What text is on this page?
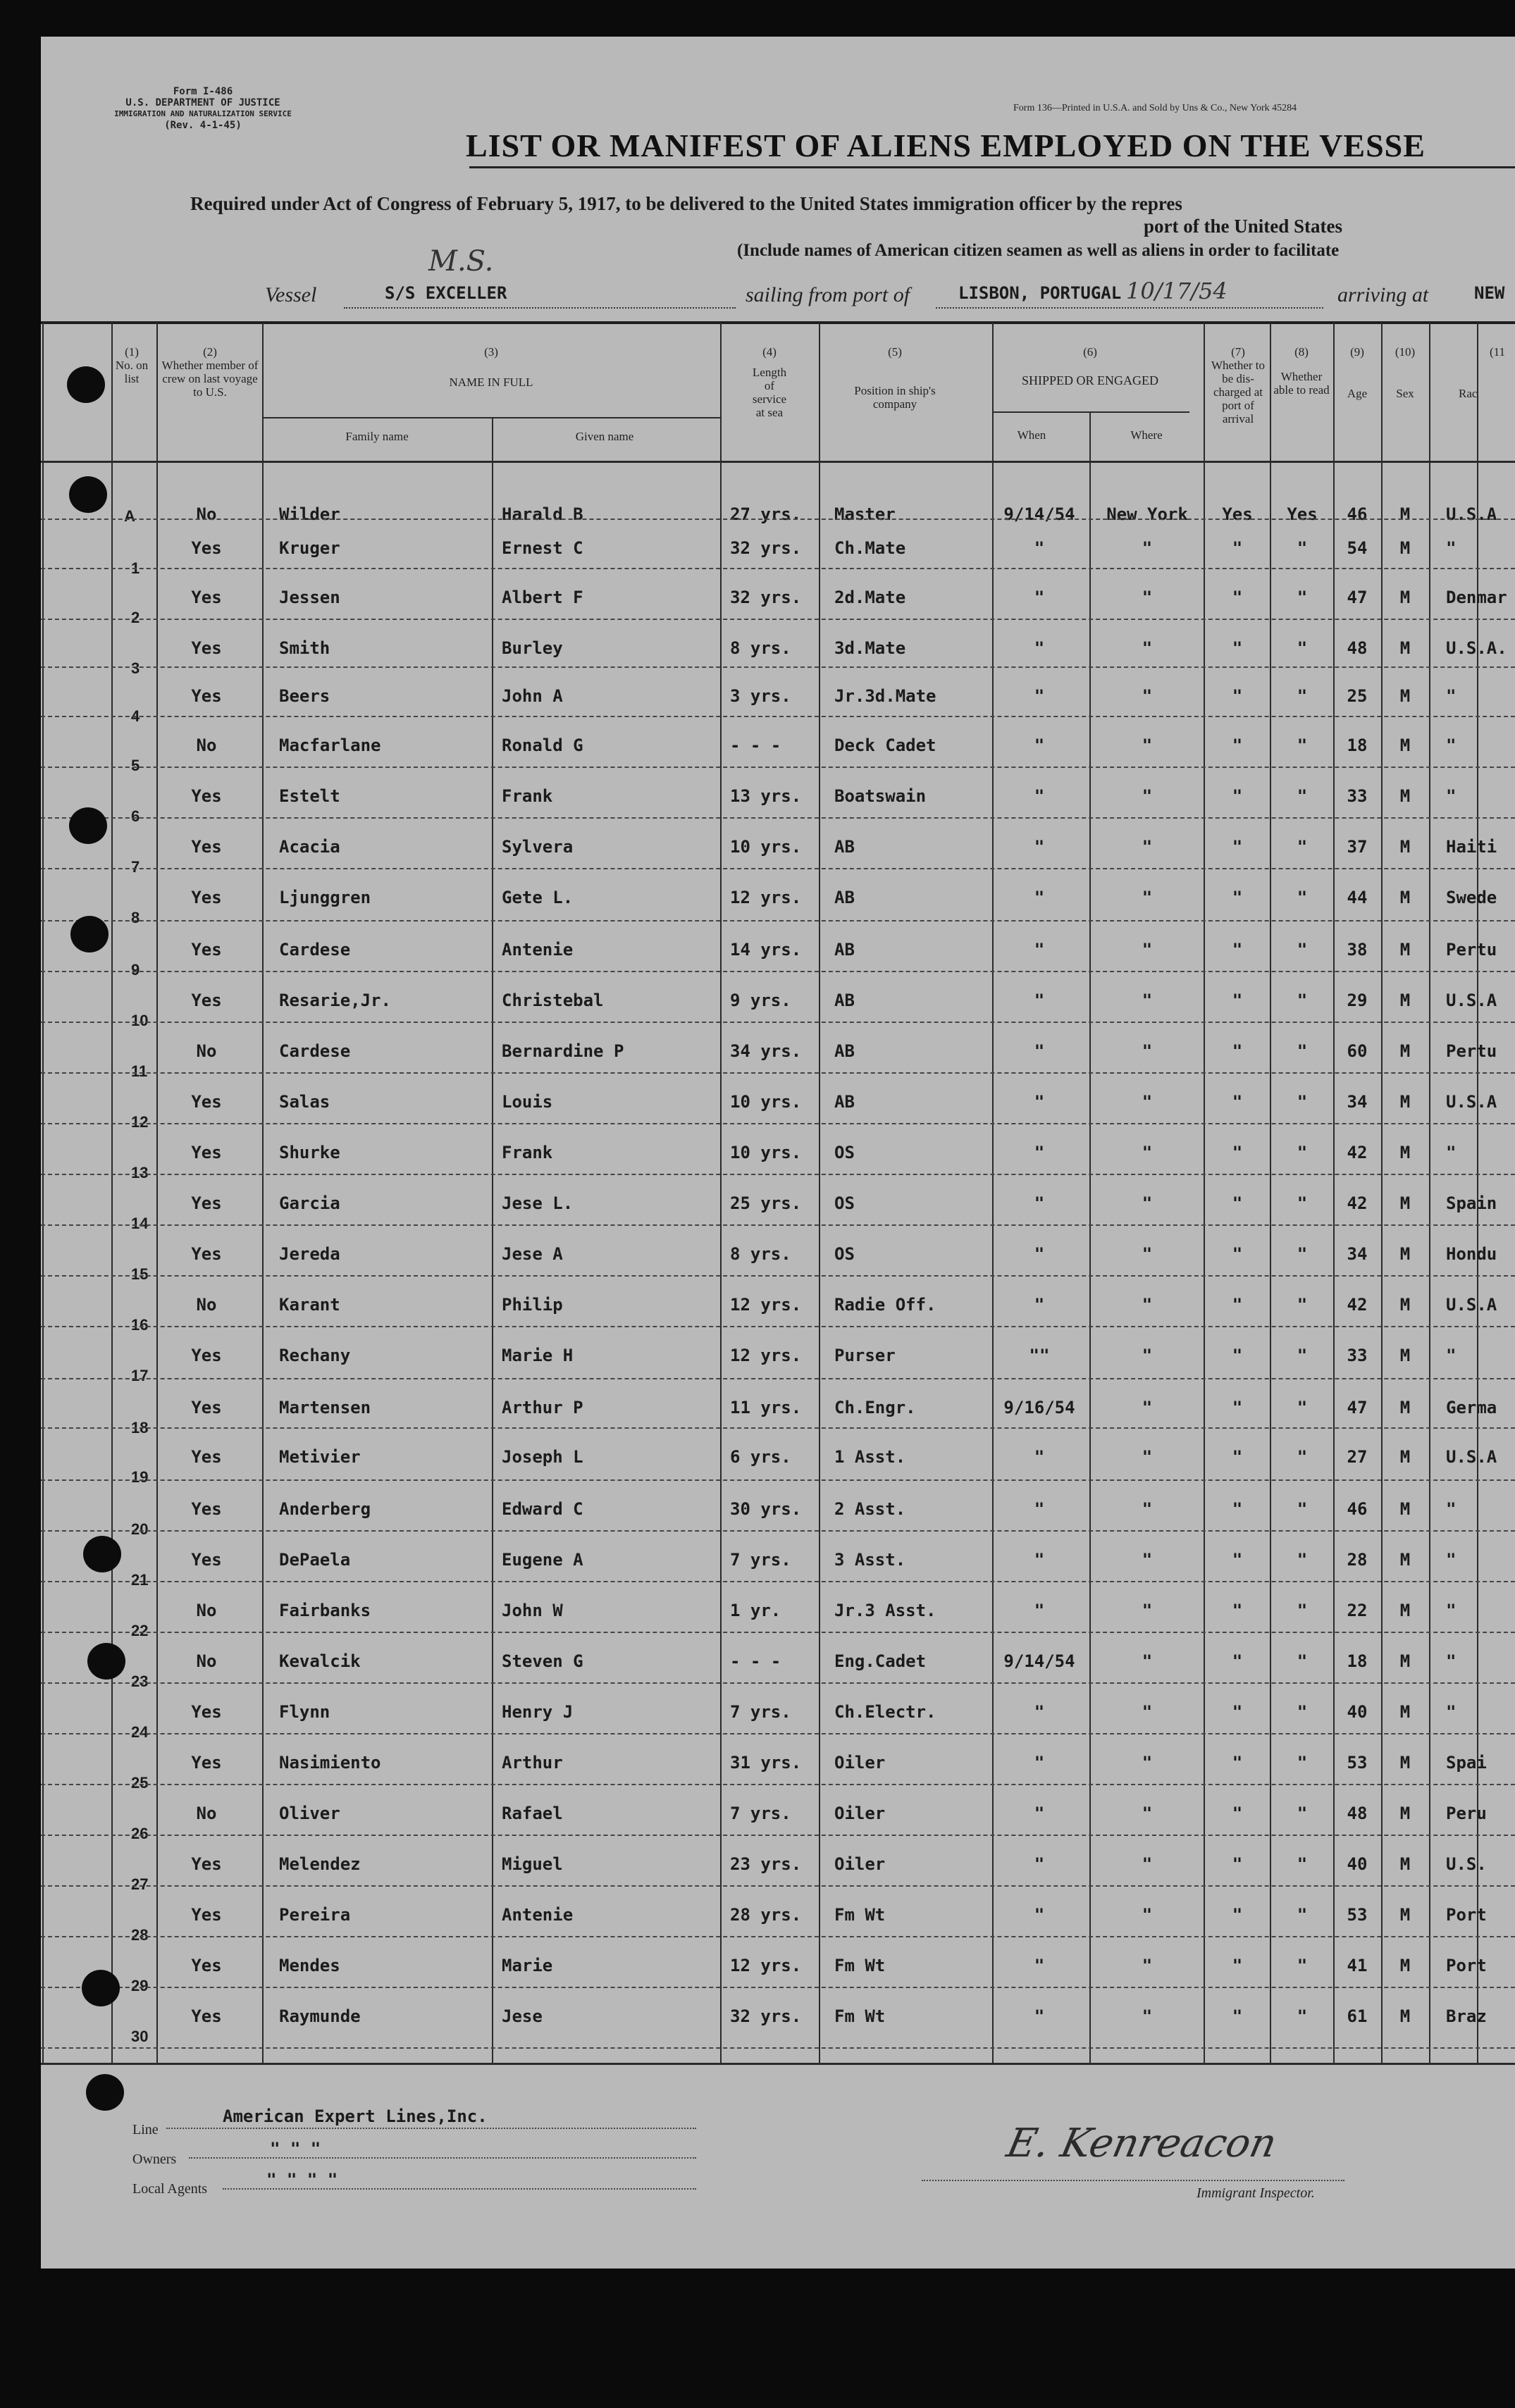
Form I-486
U.S. DEPARTMENT OF JUSTICE
IMMIGRATION AND NATURALIZATION SERVICE
(Rev. 4-1-45)
Form 136—Printed in U.S.A. and Sold by Uns & Co., New York 45284
LIST OR MANIFEST OF ALIENS EMPLOYED ON THE VESSE
Required under Act of Congress of February 5, 1917, to be delivered to the United States immigration officer by the repres
port of the United States
(Include names of American citizen seamen as well as aliens in order to facilitate
Vessel
M.S.
S/S EXCELLER	sailing from port of	LISBON, PORTUGAL 10/17/54	arriving at	NEW
(1)
No. on list
(2)
Whether member of crew on last voyage to U.S.
(3)
NAME IN FULL
Family name	Given name
(4)
Length of service at sea
(5)
Position in ship's company
(6)
SHIPPED OR ENGAGED
When	Where
(7)
Whether to be dis-charged at port of arrival
(8)
Whether able to read
(9)
Age
(10)
Sex
(11
Rac
A	No	Wilder	Harald B	27 yrs.	Master	9/14/54	New York	Yes	Yes	46	M	U.S.A
1
Yes	Kruger	Ernest C	32 yrs.	Ch.Mate	"	"	"	"	54	M	"
2
Yes	Jessen	Albert F	32 yrs.	2d.Mate	"	"	"	"	47	M	Denmar
3
Yes	Smith	Burley	8 yrs.	3d.Mate	"	"	"	"	48	M	U.S.A.
4
Yes	Beers	John A	3 yrs.	Jr.3d.Mate	"	"	"	"	25	M	"
5
No	Macfarlane	Ronald G	- - -	Deck Cadet	"	"	"	"	18	M	"
6
Yes	Estelt	Frank	13 yrs.	Boatswain	"	"	"	"	33	M	"
7
Yes	Acacia	Sylvera	10 yrs.	AB	"	"	"	"	37	M	Haiti
8
Yes	Ljunggren	Gete L.	12 yrs.	AB	"	"	"	"	44	M	Swede
9
Yes	Cardese	Antenie	14 yrs.	AB	"	"	"	"	38	M	Pertu
10
Yes	Resarie,Jr.	Christebal	9 yrs.	AB	"	"	"	"	29	M	U.S.A
11
No	Cardese	Bernardine P	34 yrs.	AB	"	"	"	"	60	M	Pertu
12
Yes	Salas	Louis	10 yrs.	AB	"	"	"	"	34	M	U.S.A
13
Yes	Shurke	Frank	10 yrs.	OS	"	"	"	"	42	M	"
14
Yes	Garcia	Jese L.	25 yrs.	OS	"	"	"	"	42	M	Spain
15
Yes	Jereda	Jese A	8 yrs.	OS	"	"	"	"	34	M	Hondu
16
No	Karant	Philip	12 yrs.	Radie Off.	"	"	"	"	42	M	U.S.A
17
Yes	Rechany	Marie H	12 yrs.	Purser	""	"	"	"	33	M	"
18
Yes	Martensen	Arthur P	11 yrs.	Ch.Engr.	9/16/54	"	"	"	47	M	Germa
19
Yes	Metivier	Joseph L	6 yrs.	1 Asst.	"	"	"	"	27	M	U.S.A
20
Yes	Anderberg	Edward C	30 yrs.	2 Asst.	"	"	"	"	46	M	"
21
Yes	DePaela	Eugene A	7 yrs.	3 Asst.	"	"	"	"	28	M	"
22
No	Fairbanks	John W	1 yr.	Jr.3 Asst.	"	"	"	"	22	M	"
23
No	Kevalcik	Steven G	- - -	Eng.Cadet	9/14/54	"	"	"	18	M	"
24
Yes	Flynn	Henry J	7 yrs.	Ch.Electr.	"	"	"	"	40	M	"
25
Yes	Nasimiento	Arthur	31 yrs.	Oiler	"	"	"	"	53	M	Spai
26
No	Oliver	Rafael	7 yrs.	Oiler	"	"	"	"	48	M	Peru
27
Yes	Melendez	Miguel	23 yrs.	Oiler	"	"	"	"	40	M	U.S.
28
Yes	Pereira	Antenie	28 yrs.	Fm Wt	"	"	"	"	53	M	Port
29
Yes	Mendes	Marie	12 yrs.	Fm Wt	"	"	"	"	41	M	Port
30
Yes	Raymunde	Jese	32 yrs.	Fm Wt	"	"	"	"	61	M	Braz
Line
American Expert Lines,Inc.
Owners
" " "
Local Agents	" " " "
E. Kenreacon
Immigrant Inspector.
